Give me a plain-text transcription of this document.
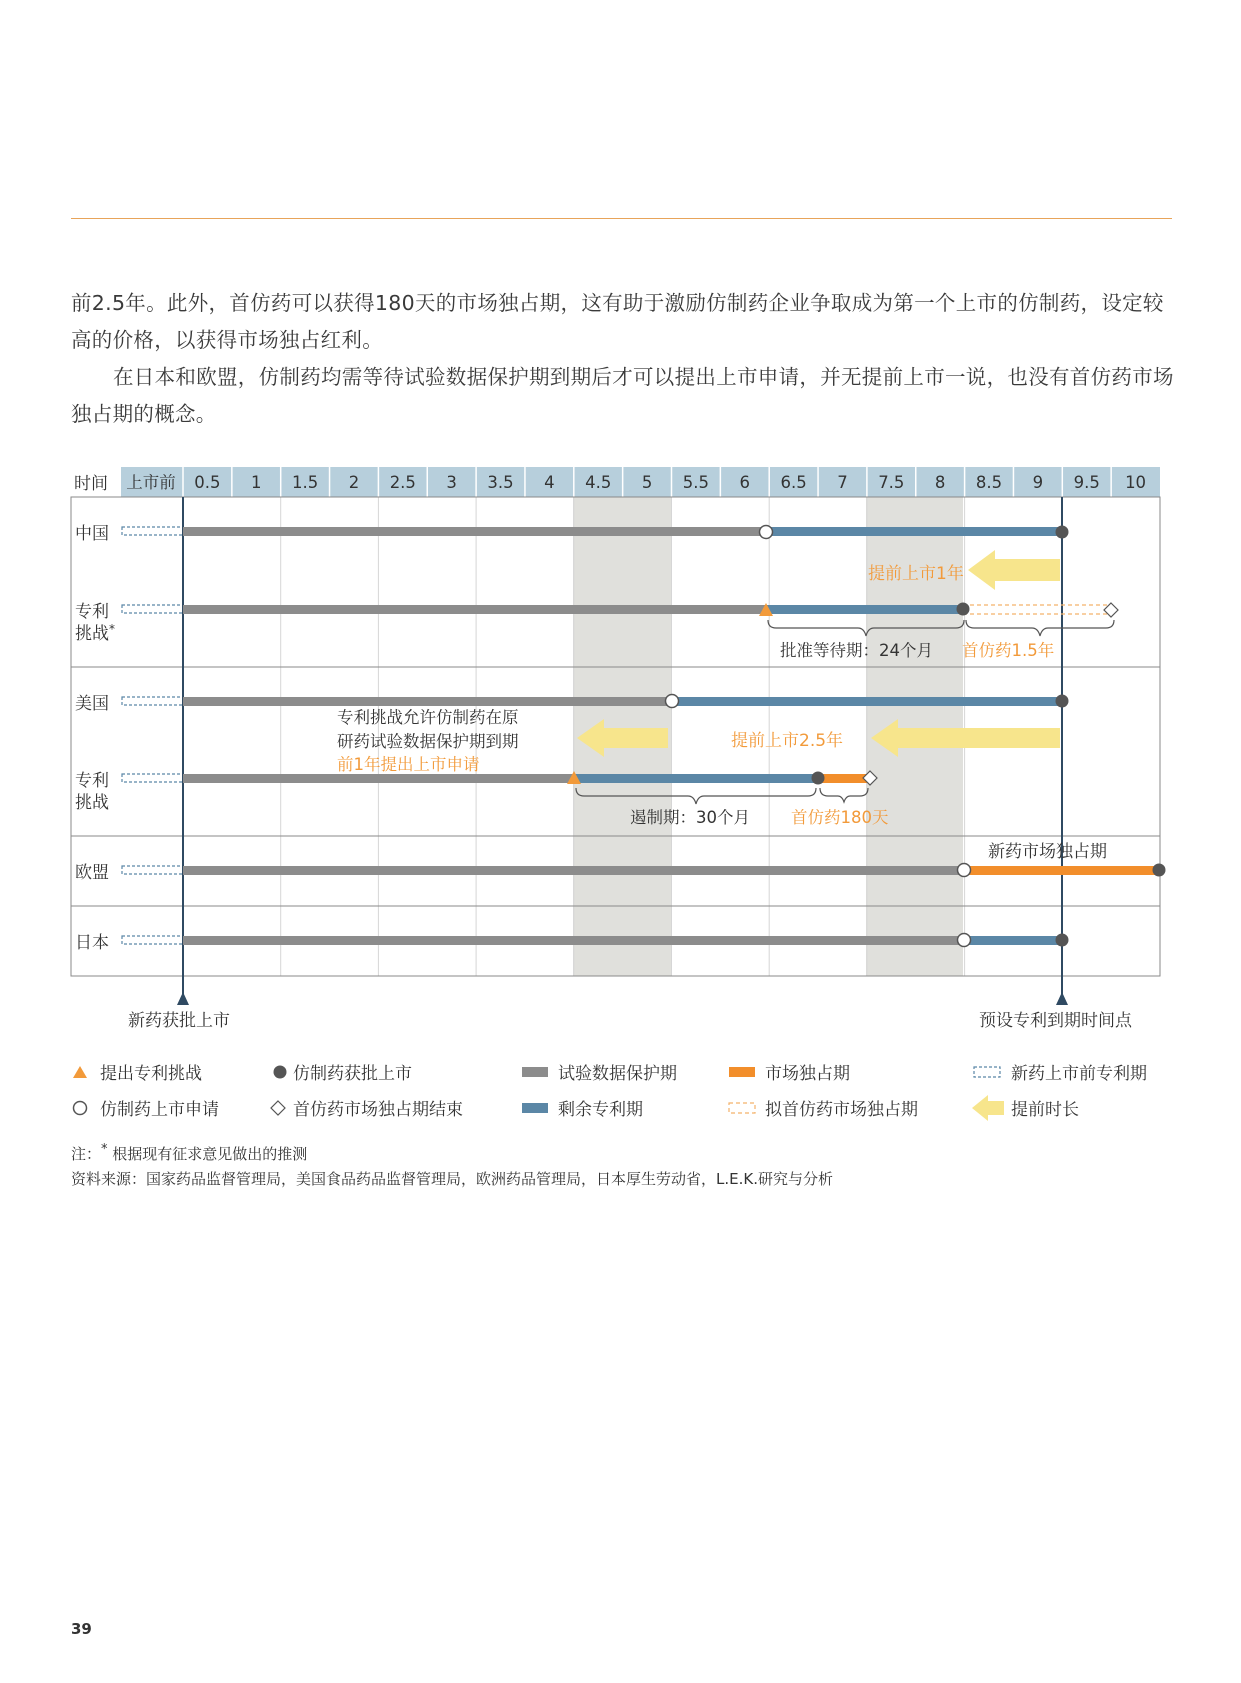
前2.5年。此外，首仿药可以获得180天的市场独占期，这有助于激励仿制药企业争取成为第一个上市的仿制药，设定较高的价格，以获得市场独占红利。
在日本和欧盟，仿制药均需等待试验数据保护期到期后才可以提出上市申请，并无提前上市一说，也没有首仿药市场独占期的概念。
时间 上市前 0.5 1 1.5 2 2.5 3 3.5 4 4.5 5 5.5 6 6.5 7 7.5 8 8.5 9 9.5 10
中国
专利挑战*
美国
专利挑战
欧盟
日本
提前上市1年
批准等待期：24个月 首仿药1.5年
提前上市2.5年
专利挑战允许仿制药在原
研药试验数据保护期到期
前1年提出上市申请
遏制期：30个月 首仿药180天
新药市场独占期
新药获批上市	预设专利到期时间点
提出专利挑战	仿制药获批上市	试验数据保护期	市场独占期	新药上市前专利期
仿制药上市申请	首仿药市场独占期结束	剩余专利期	拟首仿药市场独占期	提前时长
注：* 根据现有征求意见做出的推测
资料来源：国家药品监督管理局，美国食品药品监督管理局，欧洲药品管理局，日本厚生劳动省，L.E.K.研究与分析
39
